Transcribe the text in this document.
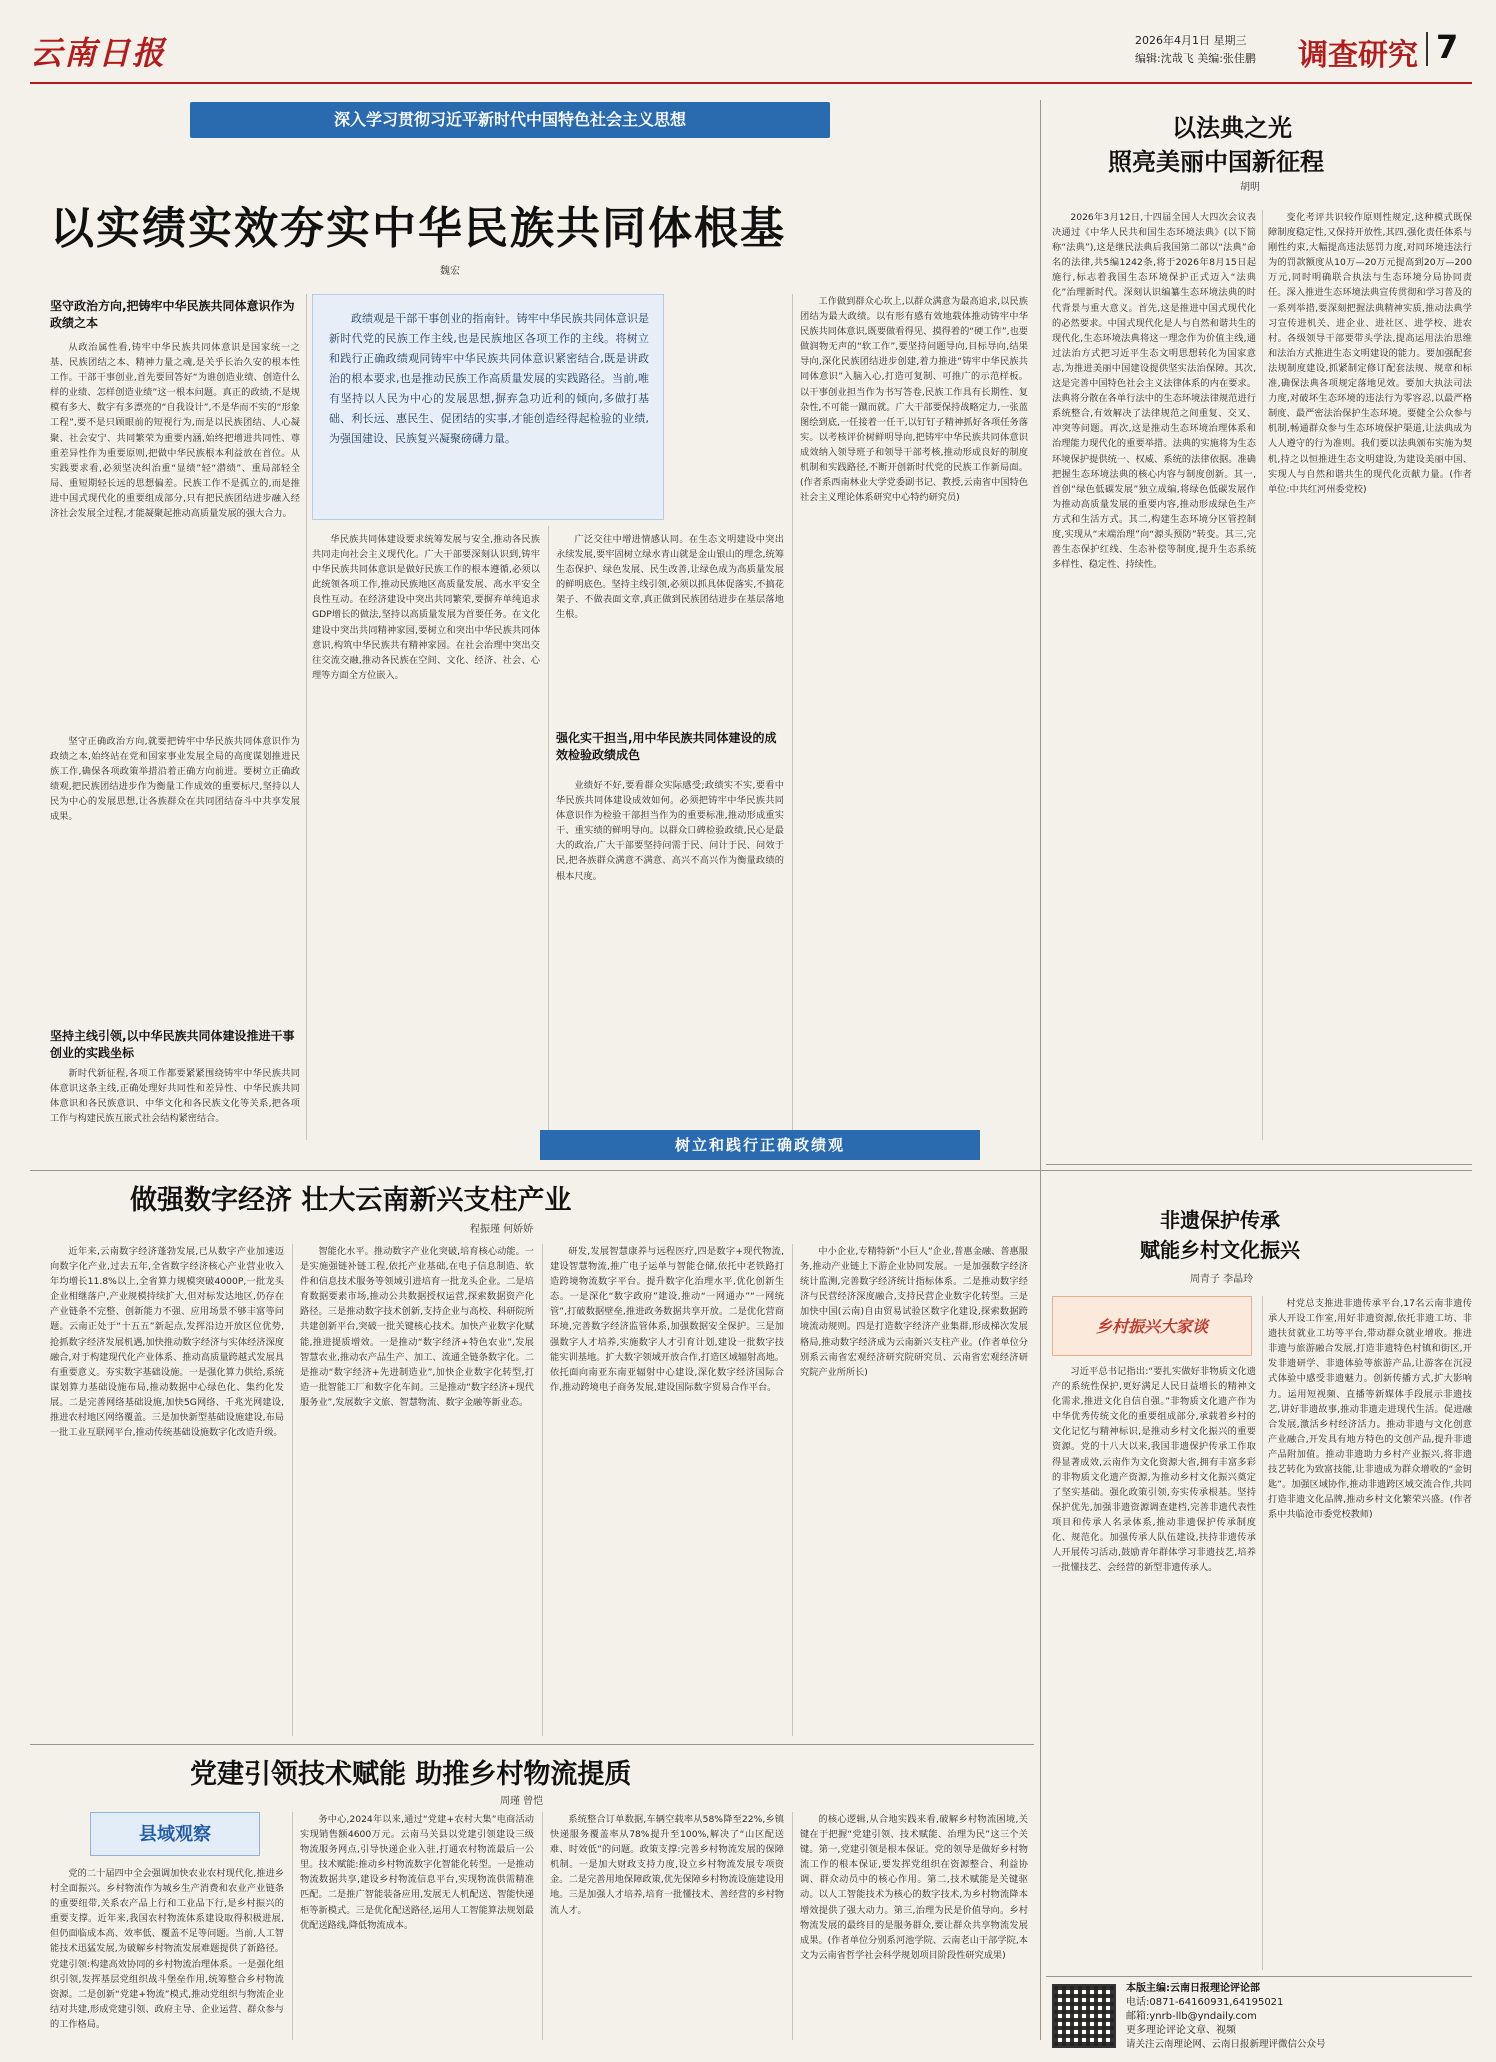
云南日报	2026年4月1日 星期三
编辑:沈哉飞 美编:张佳鹏 调查研究 7
深入学习贯彻习近平新时代中国特色社会主义思想
以实绩实效夯实中华民族共同体根基
魏宏
坚守政治方向,把铸牢中华民族共同体意识作为政绩之本
从政治属性看,铸牢中华民族共同体意识是国家统一之基、民族团结之本、精神力量之魂,是关乎长治久安的根本性工作。干部干事创业,首先要回答好“为谁创造业绩、创造什么样的业绩、怎样创造业绩”这一根本问题。真正的政绩,不是规模有多大、数字有多漂亮的“自我设计”,不是华而不实的“形象工程”,要不是只顾眼前的短视行为,而是以民族团结、人心凝聚、社会安宁、共同繁荣为重要内涵,始终把增进共同性、尊重差异性作为重要原则,把做中华民族根本利益放在首位。从实践要求看,必须坚决纠治重“显绩”轻“潜绩”、重局部轻全局、重短期轻长远的思想偏差。民族工作不是孤立的,而是推进中国式现代化的重要组成部分,只有把民族团结进步融入经济社会发展全过程,才能凝聚起推动高质量发展的强大合力。
坚守正确政治方向,就要把铸牢中华民族共同体意识作为政绩之本,始终站在党和国家事业发展全局的高度谋划推进民族工作,确保各项政策举措沿着正确方向前进。要树立正确政绩观,把民族团结进步作为衡量工作成效的重要标尺,坚持以人民为中心的发展思想,让各族群众在共同团结奋斗中共享发展成果。
坚持主线引领,以中华民族共同体建设推进干事创业的实践坐标
新时代新征程,各项工作都要紧紧围绕铸牢中华民族共同体意识这条主线,正确处理好共同性和差异性、中华民族共同体意识和各民族意识、中华文化和各民族文化等关系,把各项工作与构建民族互嵌式社会结构紧密结合。
政绩观是干部干事创业的指南针。铸牢中华民族共同体意识是新时代党的民族工作主线,也是民族地区各项工作的主线。将树立和践行正确政绩观同铸牢中华民族共同体意识紧密结合,既是讲政治的根本要求,也是推动民族工作高质量发展的实践路径。当前,唯有坚持以人民为中心的发展思想,摒弃急功近利的倾向,多做打基础、利长远、惠民生、促团结的实事,才能创造经得起检验的业绩,为强国建设、民族复兴凝聚磅礴力量。
华民族共同体建设要求统筹发展与安全,推动各民族共同走向社会主义现代化。广大干部要深刻认识到,铸牢中华民族共同体意识是做好民族工作的根本遵循,必须以此统领各项工作,推动民族地区高质量发展、高水平安全良性互动。在经济建设中突出共同繁荣,要摒弃单纯追求GDP增长的做法,坚持以高质量发展为首要任务。在文化建设中突出共同精神家园,要树立和突出中华民族共同体意识,构筑中华民族共有精神家园。在社会治理中突出交往交流交融,推动各民族在空间、文化、经济、社会、心理等方面全方位嵌入。
广泛交往中增进情感认同。在生态文明建设中突出永续发展,要牢固树立绿水青山就是金山银山的理念,统筹生态保护、绿色发展、民生改善,让绿色成为高质量发展的鲜明底色。坚持主线引领,必须以抓具体促落实,不搞花架子、不做表面文章,真正做到民族团结进步在基层落地生根。
强化实干担当,用中华民族共同体建设的成效检验政绩成色
业绩好不好,要看群众实际感受;政绩实不实,要看中华民族共同体建设成效如何。必须把铸牢中华民族共同体意识作为检验干部担当作为的重要标准,推动形成重实干、重实绩的鲜明导向。以群众口碑检验政绩,民心是最大的政治,广大干部要坚持问需于民、问计于民、问效于民,把各族群众满意不满意、高兴不高兴作为衡量政绩的根本尺度。
工作做到群众心坎上,以群众满意为最高追求,以民族团结为最大政绩。以有形有感有效地载体推动铸牢中华民族共同体意识,既要做看得见、摸得着的“硬工作”,也要做润物无声的“软工作”,要坚持问题导向,目标导向,结果导向,深化民族团结进步创建,着力推进“铸牢中华民族共同体意识”入脑入心,打造可复制、可推广的示范样板。以干事创业担当作为书写答卷,民族工作具有长期性、复杂性,不可能一蹴而就。广大干部要保持战略定力,一张蓝图绘到底,一任接着一任干,以钉钉子精神抓好各项任务落实。以考核评价树鲜明导向,把铸牢中华民族共同体意识成效纳入领导班子和领导干部考核,推动形成良好的制度机制和实践路径,不断开创新时代党的民族工作新局面。(作者系西南林业大学党委副书记、教授,云南省中国特色社会主义理论体系研究中心特约研究员)
树立和践行正确政绩观
以法典之光
照亮美丽中国新征程
胡明
2026年3月12日,十四届全国人大四次会议表决通过《中华人民共和国生态环境法典》(以下简称“法典”),这是继民法典后我国第二部以“法典”命名的法律,共5编1242条,将于2026年8月15日起施行,标志着我国生态环境保护正式迈入“法典化”治理新时代。深刻认识编纂生态环境法典的时代背景与重大意义。首先,这是推进中国式现代化的必然要求。中国式现代化是人与自然和谐共生的现代化,生态环境法典将这一理念作为价值主线,通过法治方式把习近平生态文明思想转化为国家意志,为推进美丽中国建设提供坚实法治保障。其次,这是完善中国特色社会主义法律体系的内在要求。法典将分散在各单行法中的生态环境法律规范进行系统整合,有效解决了法律规范之间重复、交叉、冲突等问题。再次,这是推动生态环境治理体系和治理能力现代化的重要举措。法典的实施将为生态环境保护提供统一、权威、系统的法律依据。准确把握生态环境法典的核心内容与制度创新。其一,首创“绿色低碳发展”独立成编,将绿色低碳发展作为推动高质量发展的重要内容,推动形成绿色生产方式和生活方式。其二,构建生态环境分区管控制度,实现从“末端治理”向“源头预防”转变。其三,完善生态保护红线、生态补偿等制度,提升生态系统多样性、稳定性、持续性。
变化考评共识较作原则性规定,这种模式既保障制度稳定性,又保持开放性,其四,强化责任体系与刚性约束,大幅提高违法惩罚力度,对同环境违法行为的罚款额度从10万—20万元提高到20万—200万元,同时明确联合执法与生态环境分局协同责任。深入推进生态环境法典宣传贯彻和学习普及的一系列举措,要深刻把握法典精神实质,推动法典学习宣传进机关、进企业、进社区、进学校、进农村。各级领导干部要带头学法,提高运用法治思维和法治方式推进生态文明建设的能力。要加强配套法规制度建设,抓紧制定修订配套法规、规章和标准,确保法典各项规定落地见效。要加大执法司法力度,对破坏生态环境的违法行为零容忍,以最严格制度、最严密法治保护生态环境。要健全公众参与机制,畅通群众参与生态环境保护渠道,让法典成为人人遵守的行为准则。我们要以法典颁布实施为契机,持之以恒推进生态文明建设,为建设美丽中国、实现人与自然和谐共生的现代化贡献力量。(作者单位:中共红河州委党校)
做强数字经济 壮大云南新兴支柱产业
程振瑾 何娇娇
近年来,云南数字经济蓬勃发展,已从数字产业加速迈向数字化产业,过去五年,全省数字经济核心产业营业收入年均增长11.8%以上,全省算力规模突破4000P,一批龙头企业相继落户,产业规模持续扩大,但对标发达地区,仍存在产业链条不完整、创新能力不强、应用场景不够丰富等问题。云南正处于“十五五”新起点,发挥沿边开放区位优势,抢抓数字经济发展机遇,加快推动数字经济与实体经济深度融合,对于构建现代化产业体系、推动高质量跨越式发展具有重要意义。夯实数字基础设施。一是强化算力供给,系统谋划算力基础设施布局,推动数据中心绿色化、集约化发展。二是完善网络基础设施,加快5G网络、千兆光网建设,推进农村地区网络覆盖。三是加快新型基础设施建设,布局一批工业互联网平台,推动传统基础设施数字化改造升级。
智能化水平。推动数字产业化突破,培育核心动能。一是实施强链补链工程,依托产业基础,在电子信息制造、软件和信息技术服务等领域引进培育一批龙头企业。二是培育数据要素市场,推动公共数据授权运营,探索数据资产化路径。三是推动数字技术创新,支持企业与高校、科研院所共建创新平台,突破一批关键核心技术。加快产业数字化赋能,推进提质增效。一是推动“数字经济+特色农业”,发展智慧农业,推动农产品生产、加工、流通全链条数字化。二是推动“数字经济+先进制造业”,加快企业数字化转型,打造一批智能工厂和数字化车间。三是推动“数字经济+现代服务业”,发展数字文旅、智慧物流、数字金融等新业态。
研发,发展智慧康养与远程医疗,四是数字+现代物流,建设智慧物流,推广电子运单与智能仓储,依托中老铁路打造跨境物流数字平台。提升数字化治理水平,优化创新生态。一是深化“数字政府”建设,推动“一网通办”“一网统管”,打破数据壁垒,推进政务数据共享开放。二是优化营商环境,完善数字经济监管体系,加强数据安全保护。三是加强数字人才培养,实施数字人才引育计划,建设一批数字技能实训基地。扩大数字领域开放合作,打造区域辐射高地。依托面向南亚东南亚辐射中心建设,深化数字经济国际合作,推动跨境电子商务发展,建设国际数字贸易合作平台。
中小企业,专精特新“小巨人”企业,普惠金融、普惠服务,推动产业链上下游企业协同发展。一是加强数字经济统计监测,完善数字经济统计指标体系。二是推动数字经济与民营经济深度融合,支持民营企业数字化转型。三是加快中国(云南)自由贸易试验区数字化建设,探索数据跨境流动规则。四是打造数字经济产业集群,形成梯次发展格局,推动数字经济成为云南新兴支柱产业。(作者单位分别系云南省宏观经济研究院研究员、云南省宏观经济研究院产业所所长)
非遗保护传承
赋能乡村文化振兴
周青子 李晶玲
乡村振兴大家谈
习近平总书记指出:“要扎实做好非物质文化遗产的系统性保护,更好满足人民日益增长的精神文化需求,推进文化自信自强。”非物质文化遗产作为中华优秀传统文化的重要组成部分,承载着乡村的文化记忆与精神标识,是推动乡村文化振兴的重要资源。党的十八大以来,我国非遗保护传承工作取得显著成效,云南作为文化资源大省,拥有丰富多彩的非物质文化遗产资源,为推动乡村文化振兴奠定了坚实基础。强化政策引领,夯实传承根基。坚持保护优先,加强非遗资源调查建档,完善非遗代表性项目和传承人名录体系,推动非遗保护传承制度化、规范化。加强传承人队伍建设,扶持非遗传承人开展传习活动,鼓励青年群体学习非遗技艺,培养一批懂技艺、会经营的新型非遗传承人。
村党总支推进非遗传承平台,17名云南非遗传承人开设工作室,用好非遗资源,依托非遗工坊、非遗扶贫就业工坊等平台,带动群众就业增收。推进非遗与旅游融合发展,打造非遗特色村镇和街区,开发非遗研学、非遗体验等旅游产品,让游客在沉浸式体验中感受非遗魅力。创新传播方式,扩大影响力。运用短视频、直播等新媒体手段展示非遗技艺,讲好非遗故事,推动非遗走进现代生活。促进融合发展,激活乡村经济活力。推动非遗与文化创意产业融合,开发具有地方特色的文创产品,提升非遗产品附加值。推动非遗助力乡村产业振兴,将非遗技艺转化为致富技能,让非遗成为群众增收的“金钥匙”。加强区域协作,推动非遗跨区域交流合作,共同打造非遗文化品牌,推动乡村文化繁荣兴盛。(作者系中共临沧市委党校教师)
党建引领技术赋能 助推乡村物流提质
周瑾 曾恺
县域观察
党的二十届四中全会强调加快农业农村现代化,推进乡村全面振兴。乡村物流作为城乡生产消费和农业产业链条的重要纽带,关系农产品上行和工业品下行,是乡村振兴的重要支撑。近年来,我国农村物流体系建设取得积极进展,但仍面临成本高、效率低、覆盖不足等问题。当前,人工智能技术迅猛发展,为破解乡村物流发展难题提供了新路径。党建引领:构建高效协同的乡村物流治理体系。一是强化组织引领,发挥基层党组织战斗堡垒作用,统筹整合乡村物流资源。二是创新“党建+物流”模式,推动党组织与物流企业结对共建,形成党建引领、政府主导、企业运营、群众参与的工作格局。
务中心,2024年以来,通过“党建+农村大集”电商活动实现销售额4600万元。云南马关县以党建引领建设三级物流服务网点,引导快递企业入驻,打通农村物流最后一公里。技术赋能:推动乡村物流数字化智能化转型。一是推动物流数据共享,建设乡村物流信息平台,实现物流供需精准匹配。二是推广智能装备应用,发展无人机配送、智能快递柜等新模式。三是优化配送路径,运用人工智能算法规划最优配送路线,降低物流成本。
系统整合订单数据,车辆空载率从58%降至22%,乡镇快递服务覆盖率从78%提升至100%,解决了“山区配送难、时效低”的问题。政策支撑:完善乡村物流发展的保障机制。一是加大财政支持力度,设立乡村物流发展专项资金。二是完善用地保障政策,优先保障乡村物流设施建设用地。三是加强人才培养,培育一批懂技术、善经营的乡村物流人才。
的核心逻辑,从合地实践来看,破解乡村物流困境,关键在于把握“党建引领、技术赋能、治理为民”这三个关键。第一,党建引领是根本保证。党的领导是做好乡村物流工作的根本保证,要发挥党组织在资源整合、利益协调、群众动员中的核心作用。第二,技术赋能是关键驱动。以人工智能技术为核心的数字技术,为乡村物流降本增效提供了强大动力。第三,治理为民是价值导向。乡村物流发展的最终目的是服务群众,要让群众共享物流发展成果。(作者单位分别系河池学院、云南老山干部学院,本文为云南省哲学社会科学规划项目阶段性研究成果)
本版主编:云南日报理论评论部
电话:0871-64160931,64195021
邮箱:ynrb-llb@yndaily.com
更多理论评论文章、视频
请关注云南理论网、云南日报新理评微信公众号
